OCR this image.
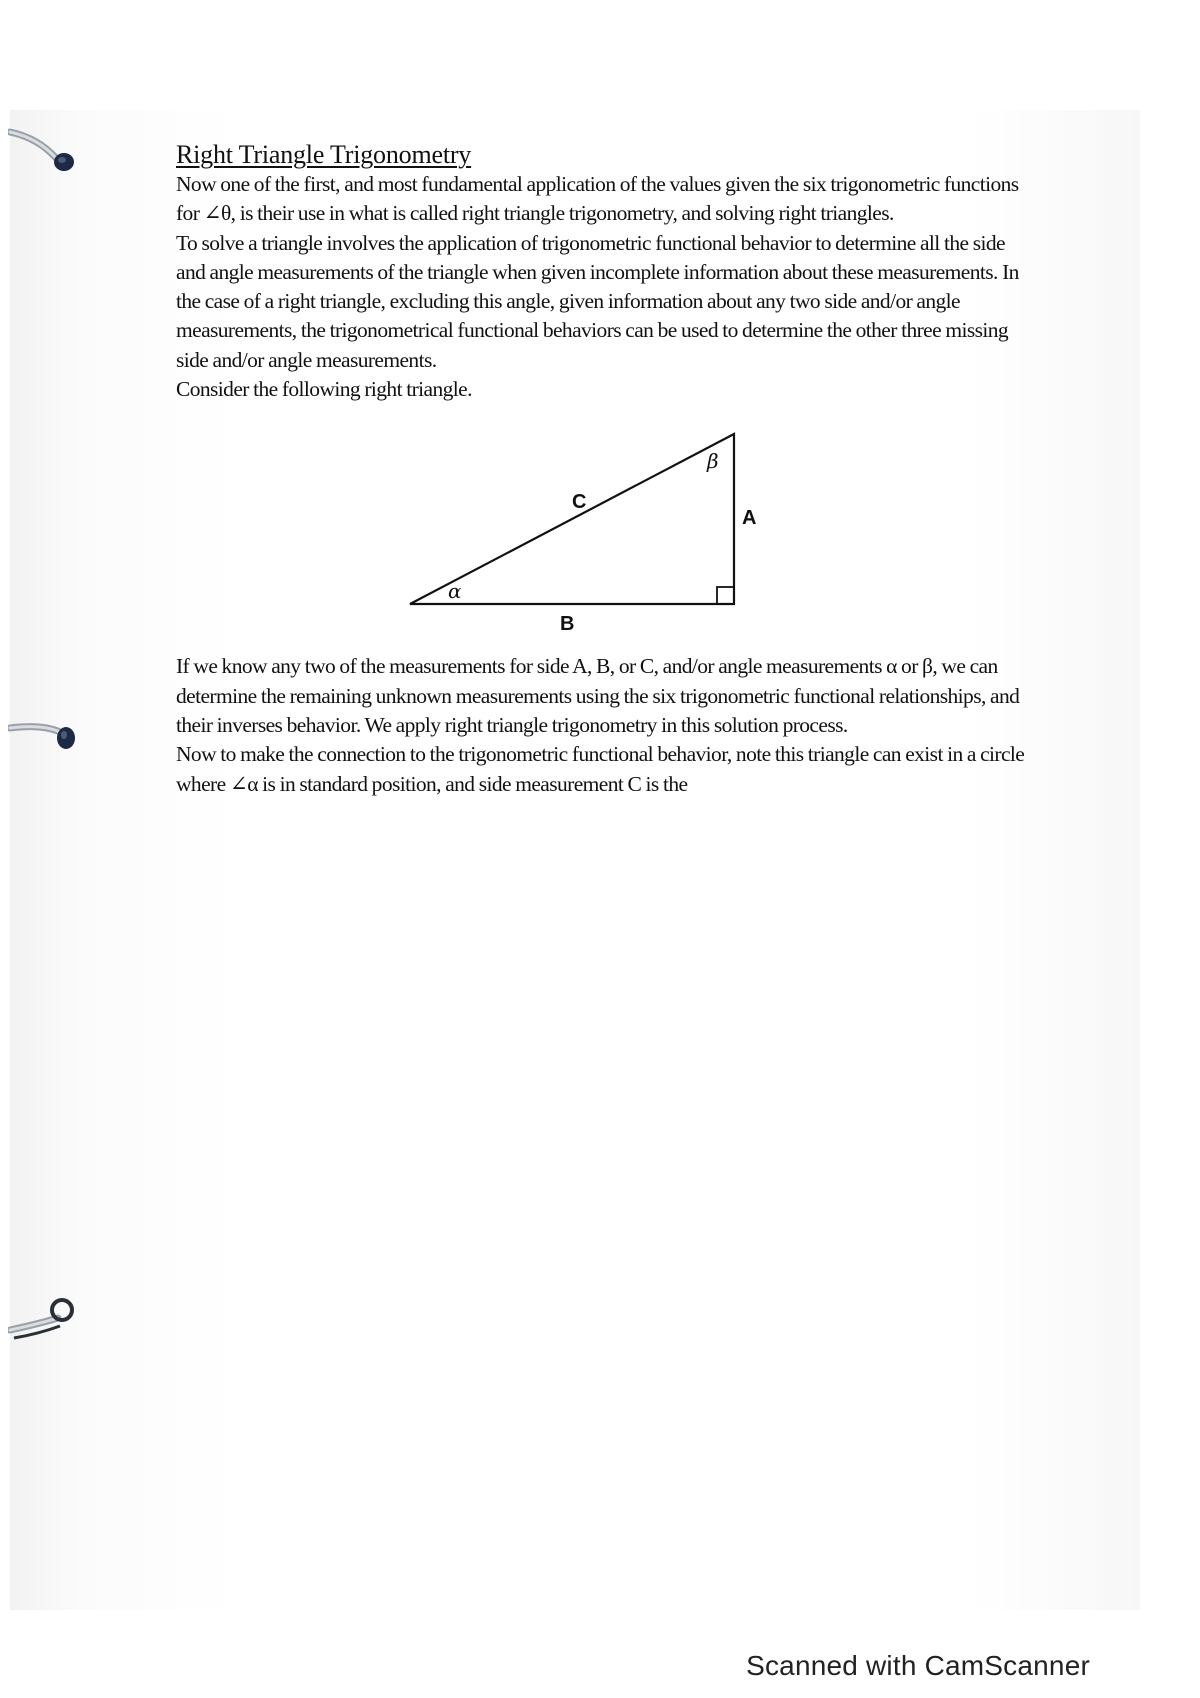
Right Triangle Trigonometry

Now one of the first, and most fundamental application of the values given the six trigonometric functions for ∠θ, is their use in what is called right triangle trigonometry, and solving right triangles.

To solve a triangle involves the application of trigonometric functional behavior to determine all the side and angle measurements of the triangle when given incomplete information about these measurements. In the case of a right triangle, excluding this angle, given information about any two side and/or angle measurements, the trigonometrical functional behaviors can be used to determine the other three missing side and/or angle measurements.

Consider the following right triangle.

C
A
B
α
β

If we know any two of the measurements for side A, B, or C, and/or angle measurements α or β, we can determine the remaining unknown measurements using the six trigonometric functional relationships, and their inverses behavior. We apply right triangle trigonometry in this solution process.

Now to make the connection to the trigonometric functional behavior, note this triangle can exist in a circle where ∠α is in standard position, and side measurement C is the

Scanned with CamScanner
